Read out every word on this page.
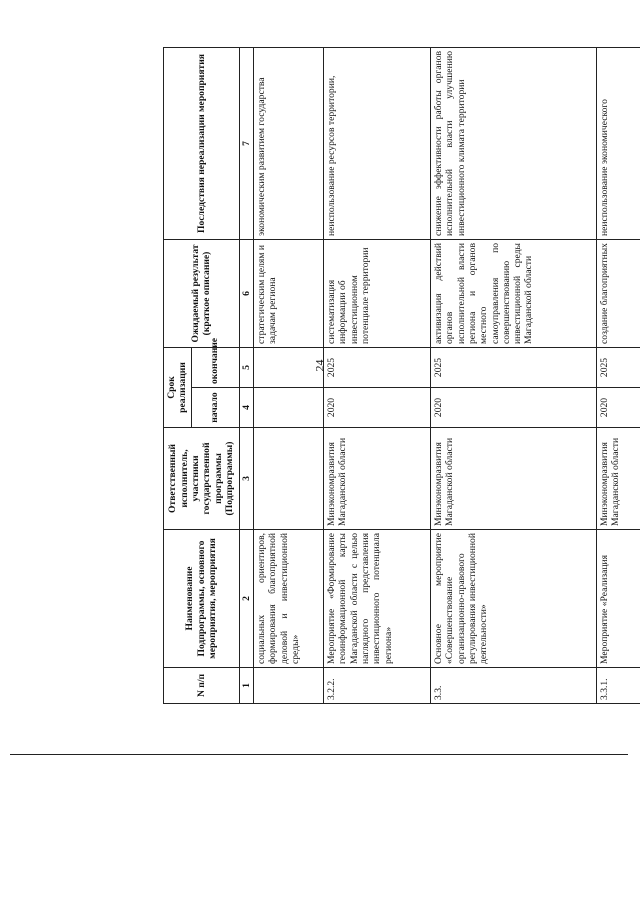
24
N п/п	Наименование Подпрограммы, основного мероприятия, мероприятия	Ответственный исполнитель, участники государственной программы (Подпрограммы)	Срок реализации		Ожидаемый результат (краткое описание)	Последствия нереализации мероприятия
			начало	окончание		
1	2	3	4	5	6	7
	социальных ориентиров, формирования благоприятной деловой и инвестиционной среды»				стратегическим целям и задачам региона	экономическим развитием государства
3.2.2.	Мероприятие «Формирование геоинформационной карты Магаданской области с целью наглядного представления инвестиционного потенциала региона»	Минэкономразвития Магаданской области	2020	2025	систематизация информации об инвестиционном потенциале территории	неиспользование ресурсов территории,
3.3.	Основное мероприятие «Совершенствование организационно-правового регулирования инвестиционной деятельности»	Минэкономразвития Магаданской области	2020	2025	активизация действий органов исполнительной власти региона и органов местного самоуправления по совершенствованию инвестиционной среды Магаданской области	снижение эффективности работы органов исполнительной власти улучшению инвестиционного климата территории
3.3.1.	Мероприятие «Реализация	Минэкономразвития Магаданской области	2020	2025	создание благоприятных	неиспользование экономического
